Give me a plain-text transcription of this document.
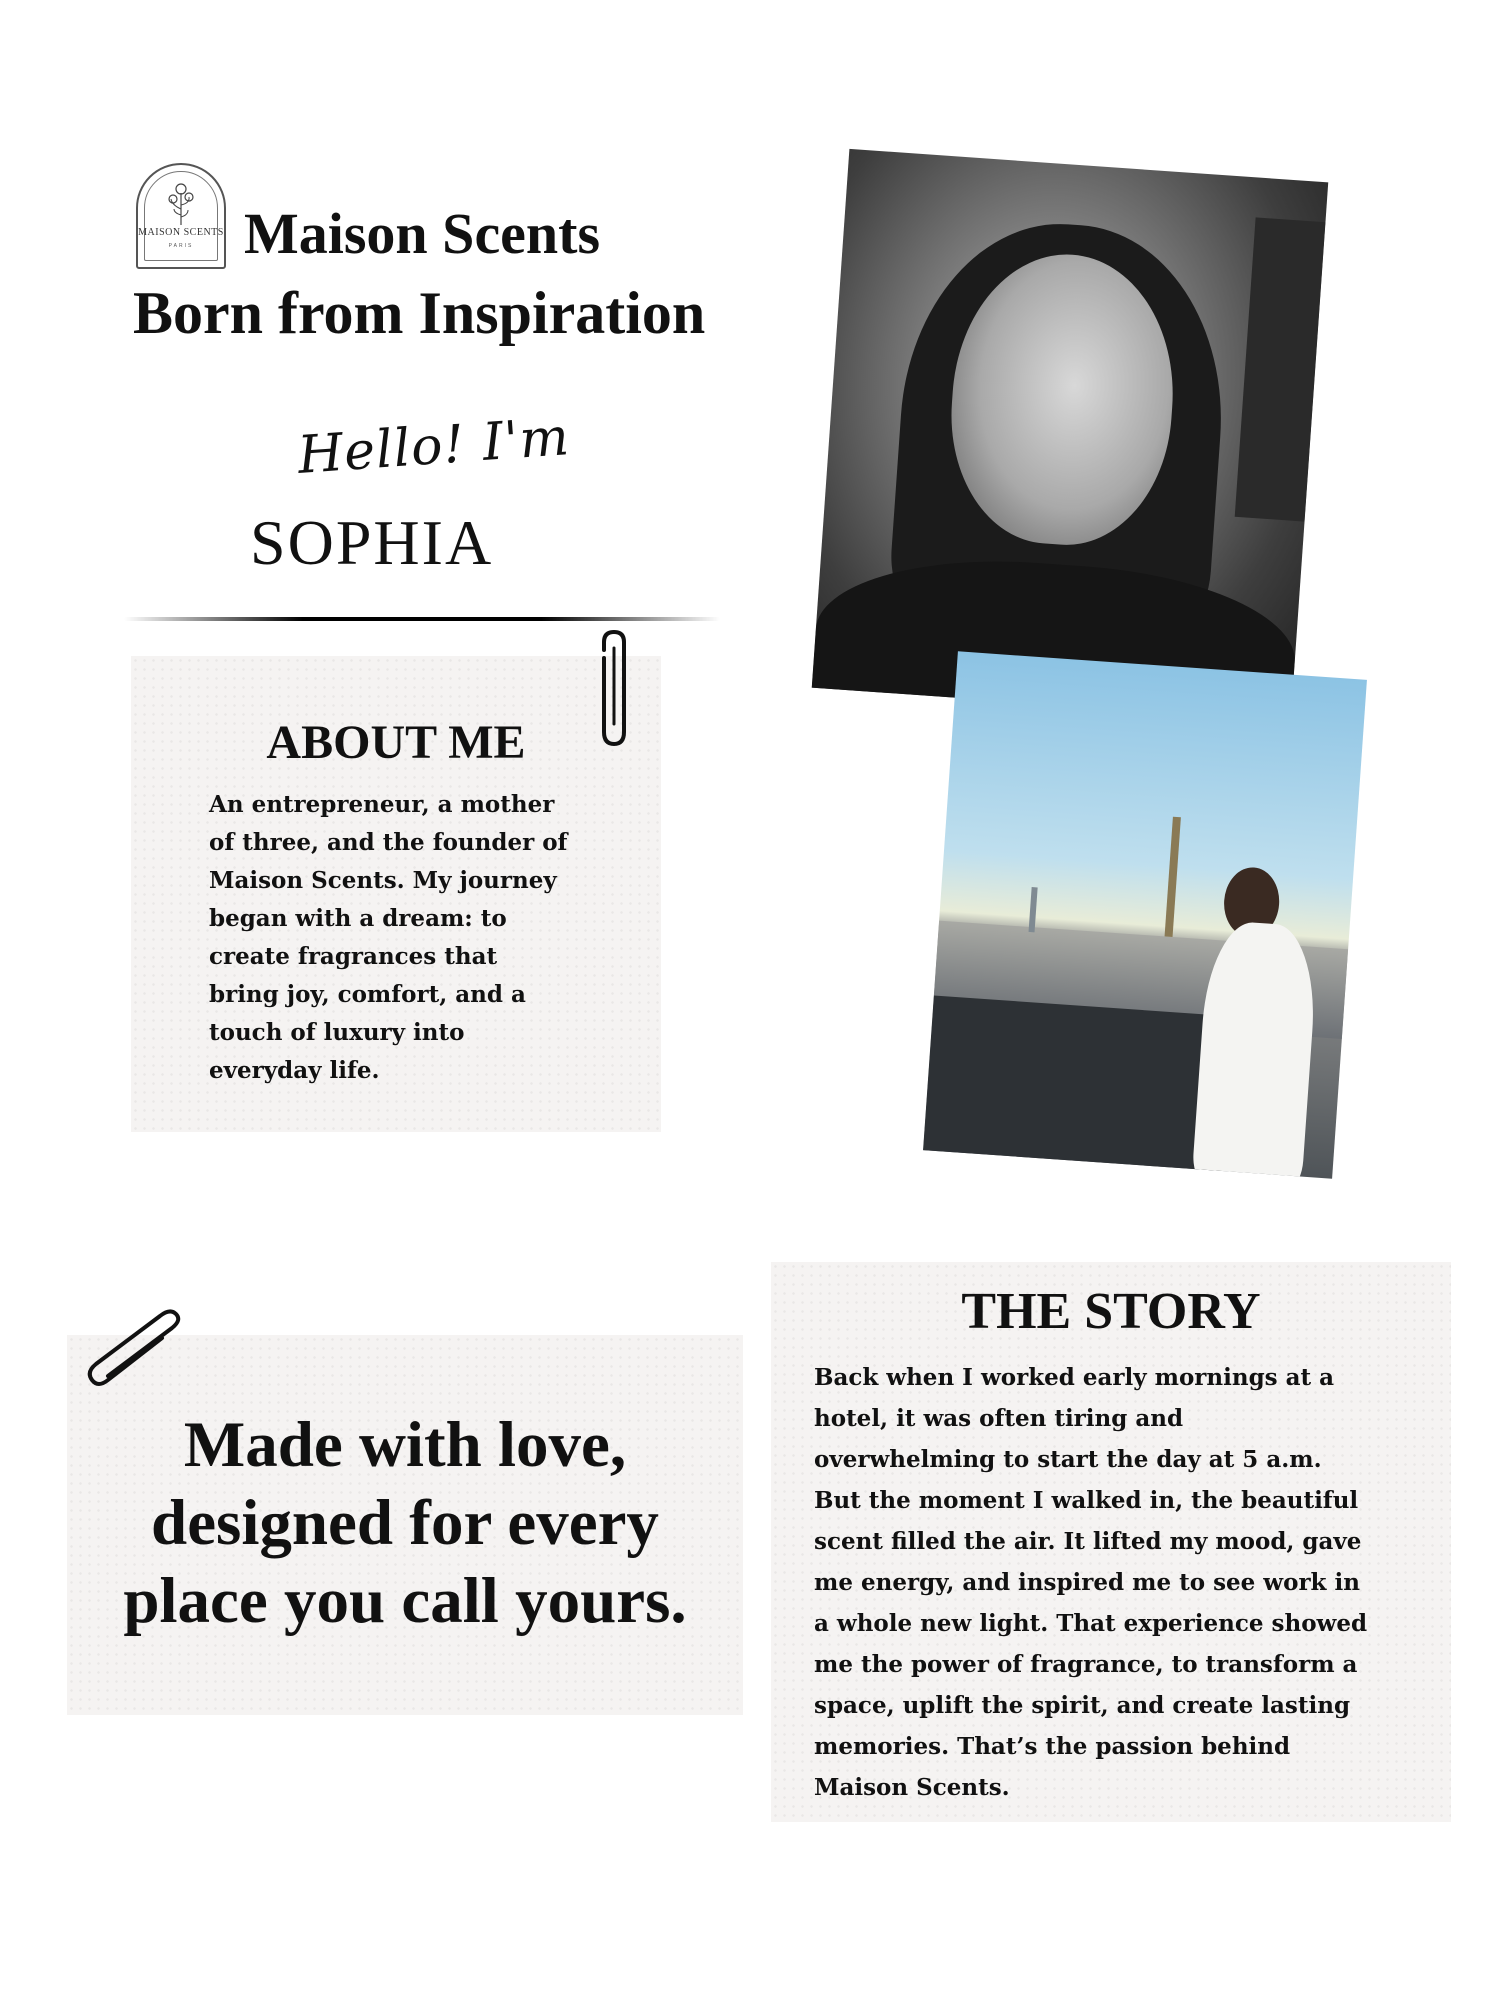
MAISON SCENTS
PARIS Maison Scents
Born from Inspiration
Hello! I'm
SOPHIA
ABOUT ME
An entrepreneur, a mother
of three, and the founder of
Maison Scents. My journey
began with a dream: to
create fragrances that
bring joy, comfort, and a
touch of luxury into
everyday life.
Made with love,
designed for every
place you call yours.
THE STORY
Back when I worked early mornings at a
hotel, it was often tiring and
overwhelming to start the day at 5 a.m.
But the moment I walked in, the beautiful
scent filled the air. It lifted my mood, gave
me energy, and inspired me to see work in
a whole new light. That experience showed
me the power of fragrance, to transform a
space, uplift the spirit, and create lasting
memories. That’s the passion behind
Maison Scents.
